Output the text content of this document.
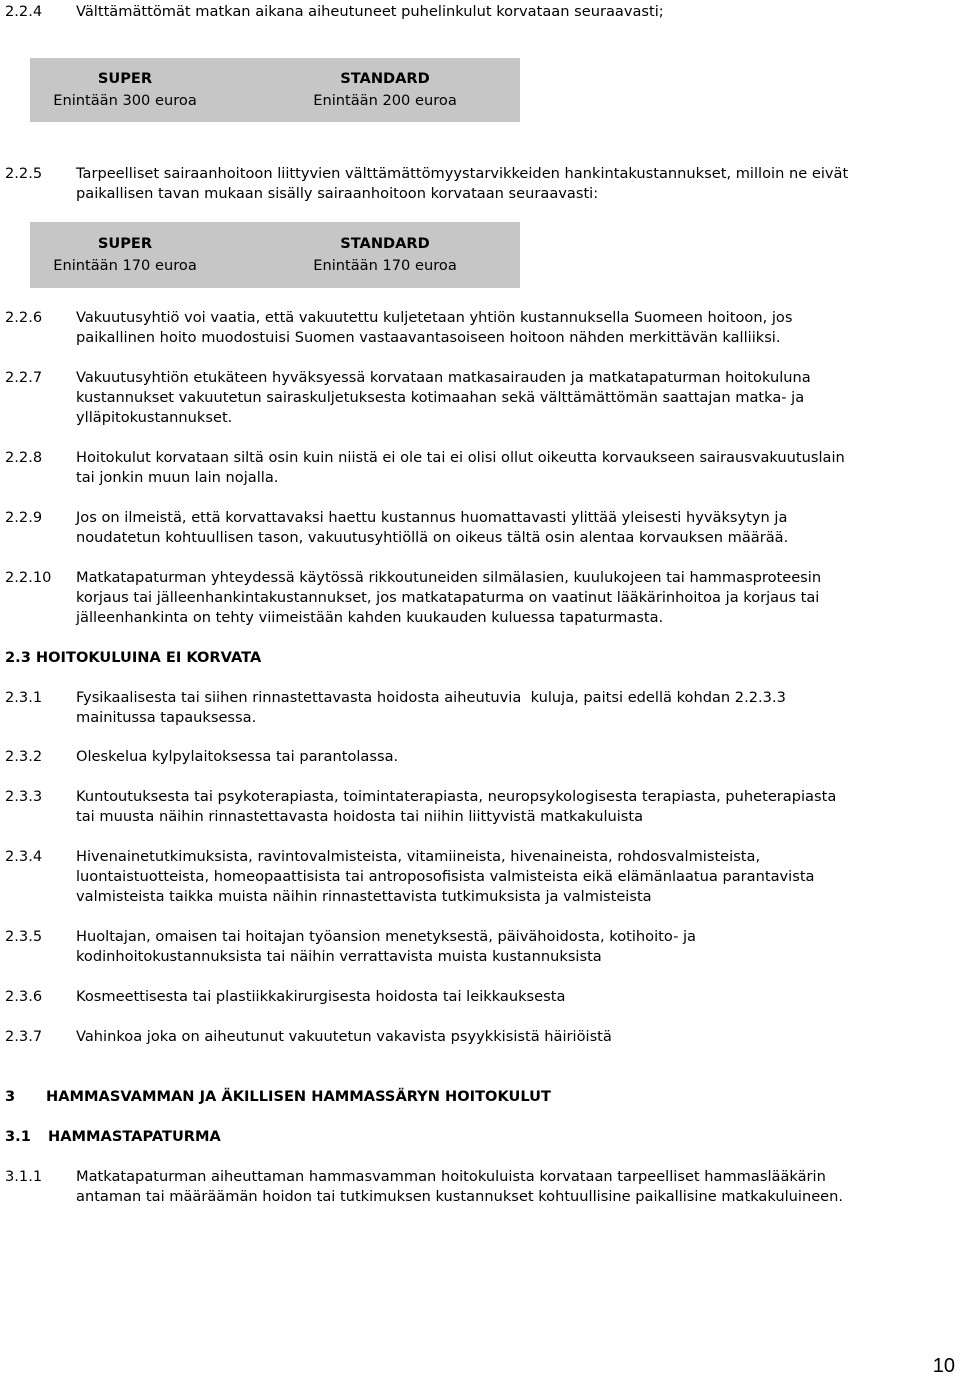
2.2.4 Välttämättömät matkan aikana aiheutuneet puhelinkulut korvataan seuraavasti;
SUPER
Enintään 300 euroa
STANDARD
Enintään 200 euroa
2.2.5 Tarpeelliset sairaanhoitoon liittyvien välttämättömyystarvikkeiden hankintakustannukset, milloin ne eivät
paikallisen tavan mukaan sisälly sairaanhoitoon korvataan seuraavasti:
SUPER
Enintään 170 euroa
STANDARD
Enintään 170 euroa
2.2.6 Vakuutusyhtiö voi vaatia, että vakuutettu kuljetetaan yhtiön kustannuksella Suomeen hoitoon, jos
paikallinen hoito muodostuisi Suomen vastaavantasoiseen hoitoon nähden merkittävän kalliiksi.
2.2.7 Vakuutusyhtiön etukäteen hyväksyessä korvataan matkasairauden ja matkatapaturman hoitokuluna
kustannukset vakuutetun sairaskuljetuksesta kotimaahan sekä välttämättömän saattajan matka- ja
ylläpitokustannukset.
2.2.8 Hoitokulut korvataan siltä osin kuin niistä ei ole tai ei olisi ollut oikeutta korvaukseen sairausvakuutuslain
tai jonkin muun lain nojalla.
2.2.9 Jos on ilmeistä, että korvattavaksi haettu kustannus huomattavasti ylittää yleisesti hyväksytyn ja
noudatetun kohtuullisen tason, vakuutusyhtiöllä on oikeus tältä osin alentaa korvauksen määrää.
2.2.10 Matkatapaturman yhteydessä käytössä rikkoutuneiden silmälasien, kuulukojeen tai hammasproteesin
korjaus tai jälleenhankintakustannukset, jos matkatapaturma on vaatinut lääkärinhoitoa ja korjaus tai
jälleenhankinta on tehty viimeistään kahden kuukauden kuluessa tapaturmasta.
2.3 HOITOKULUINA EI KORVATA
2.3.1 Fysikaalisesta tai siihen rinnastettavasta hoidosta aiheutuvia  kuluja, paitsi edellä kohdan 2.2.3.3
mainitussa tapauksessa.
2.3.2 Oleskelua kylpylaitoksessa tai parantolassa.
2.3.3 Kuntoutuksesta tai psykoterapiasta, toimintaterapiasta, neuropsykologisesta terapiasta, puheterapiasta
tai muusta näihin rinnastettavasta hoidosta tai niihin liittyvistä matkakuluista
2.3.4 Hivenainetutkimuksista, ravintovalmisteista, vitamiineista, hivenaineista, rohdosvalmisteista,
luontaistuotteista, homeopaattisista tai antroposofisista valmisteista eikä elämänlaatua parantavista
valmisteista taikka muista näihin rinnastettavista tutkimuksista ja valmisteista
2.3.5 Huoltajan, omaisen tai hoitajan työansion menetyksestä, päivähoidosta, kotihoito- ja
kodinhoitokustannuksista tai näihin verrattavista muista kustannuksista
2.3.6 Kosmeettisesta tai plastiikkakirurgisesta hoidosta tai leikkauksesta
2.3.7 Vahinkoa joka on aiheutunut vakuutetun vakavista psyykkisistä häiriöistä
3 HAMMASVAMMAN JA ÄKILLISEN HAMMASSÄRYN HOITOKULUT
3.1 HAMMASTAPATURMA
3.1.1 Matkatapaturman aiheuttaman hammasvamman hoitokuluista korvataan tarpeelliset hammaslääkärin
antaman tai määräämän hoidon tai tutkimuksen kustannukset kohtuullisine paikallisine matkakuluineen.
10
